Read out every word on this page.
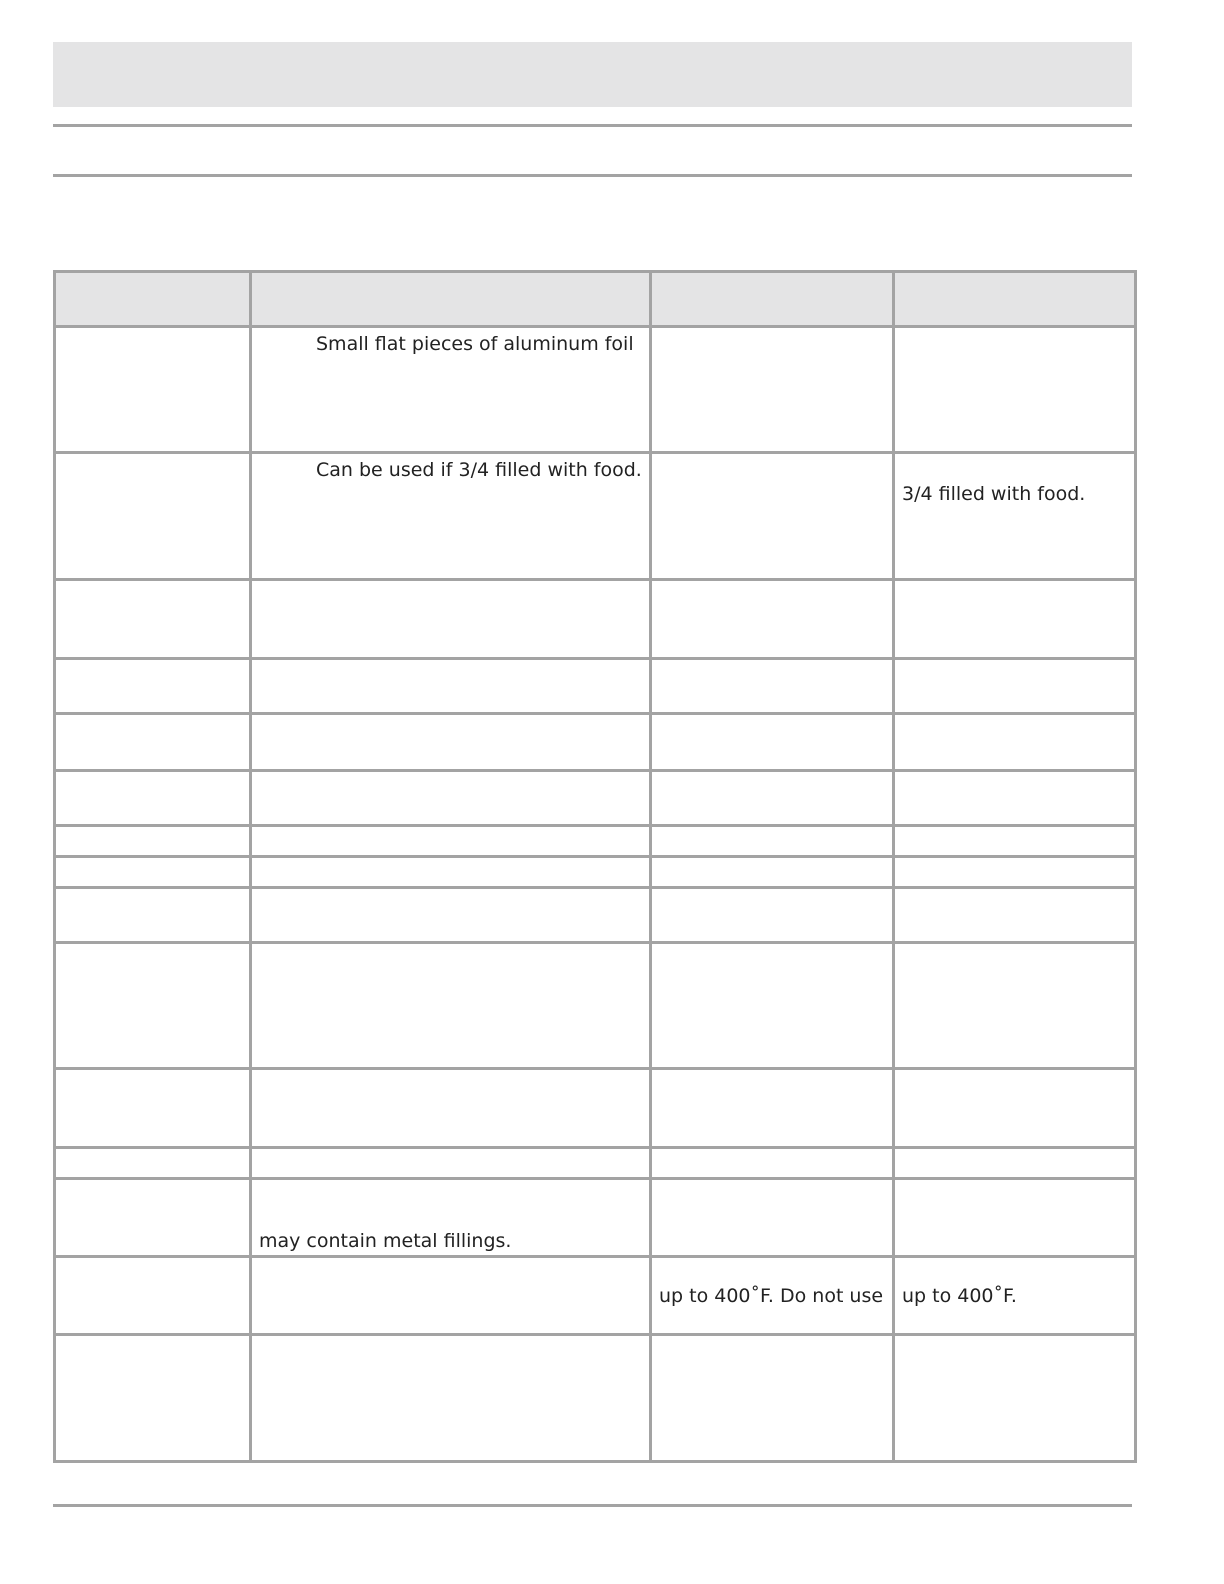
	Small flat pieces of aluminum foil		

	Can be used if 3/4 filled with food.		3/4 filled with food.

	may contain metal fillings.		

		up to 400˚F. Do not use	up to 400˚F.
